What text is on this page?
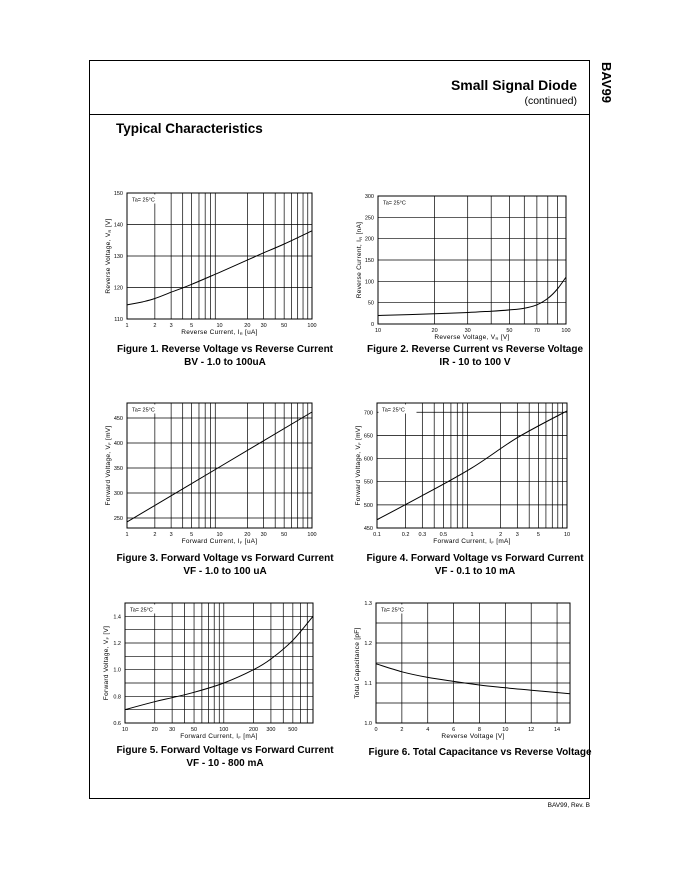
BAV99
Small Signal Diode
(continued)
Typical Characteristics
Ta= 25°C
1	2 3	5	10	20 30	50	100
110
120
130
140
150
Reverse Current, IR [uA]
Reverse Voltage, VR [V]
Ta= 25°C
10	20	30	50	70	100
0
50
100
150
200
250
300
Reverse Voltage, VR [V]
Reverse Current, IR [nA]
Ta= 25°C
1	2 3	5	10	20 30	50	100
250
300
350
400
450
Forward Current, IF [uA]
Forward Voltage, VF [mV]
Ta= 25°C
0.1	0.2 0.3 0.5	1	2 3	5	10
450
500
550
600
650
700
Forward Current, IF [mA]
Forward Voltage, VF [mV]
Ta= 25°C
10	20 30	50	100	200 300 500
0.6
0.8
1.0
1.2
1.4
Forward Current, IF [mA]
Forward Voltage, VF [V]
Ta= 25°C
0	2	4	6	8	10	12	14
1.0
1.1
1.2
1.3
Reverse Voltage [V]
Total Capacitance [pF]
Figure 1. Reverse Voltage vs Reverse Current
BV - 1.0 to 100uA
Figure 2. Reverse Current vs Reverse Voltage
IR - 10 to 100 V
Figure 3. Forward Voltage vs Forward Current
VF - 1.0 to 100 uA
Figure 4. Forward Voltage vs Forward Current
VF - 0.1 to 10 mA
Figure 5. Forward Voltage vs Forward Current
VF - 10 - 800 mA
Figure 6. Total Capacitance vs Reverse Voltage
BAV99, Rev. B
